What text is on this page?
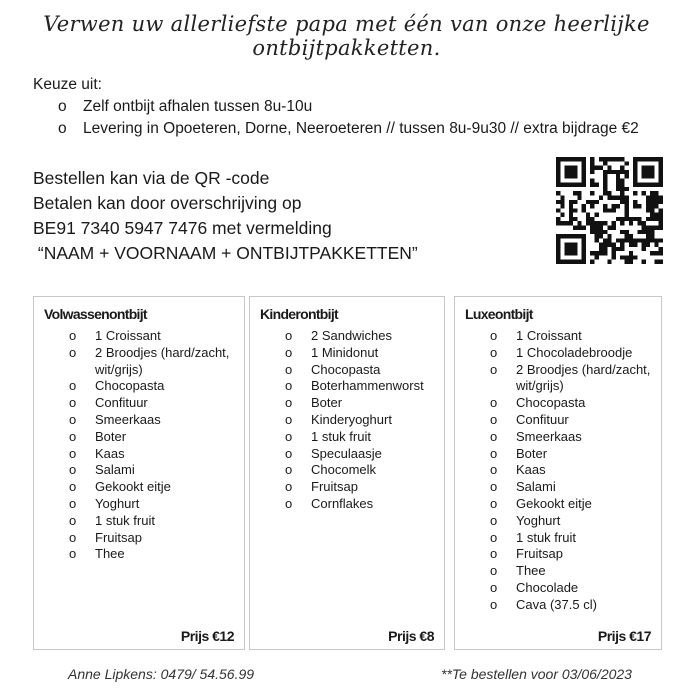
Verwen uw allerliefste papa met één van onze heerlijke ontbijtpakketten.
Keuze uit:
o Zelf ontbijt afhalen tussen 8u-10u
o Levering in Opoeteren, Dorne, Neeroeteren // tussen 8u-9u30 // extra bijdrage €2
Bestellen kan via de QR -code
Betalen kan door overschrijving op
BE91 7340 5947 7476 met vermelding
“NAAM + VOORNAAM + ONTBIJTPAKKETTEN”
Volwassenontbijt
o 1 Croissant
o 2 Broodjes (hard/zacht, wit/grijs)
o Chocopasta
o Confituur
o Smeerkaas
o Boter
o Kaas
o Salami
o Gekookt eitje
o Yoghurt
o 1 stuk fruit
o Fruitsap
o Thee
Prijs €12
Kinderontbijt
o 2 Sandwiches
o 1 Minidonut
o Chocopasta
o Boterhammenworst
o Boter
o Kinderyoghurt
o 1 stuk fruit
o Speculaasje
o Chocomelk
o Fruitsap
o Cornflakes
Prijs €8
Luxeontbijt
o 1 Croissant
o 1 Chocoladebroodje
o 2 Broodjes (hard/zacht, wit/grijs)
o Chocopasta
o Confituur
o Smeerkaas
o Boter
o Kaas
o Salami
o Gekookt eitje
o Yoghurt
o 1 stuk fruit
o Fruitsap
o Thee
o Chocolade
o Cava (37.5 cl)
Prijs €17
Anne Lipkens: 0479/ 54.56.99	**Te bestellen voor 03/06/2023
